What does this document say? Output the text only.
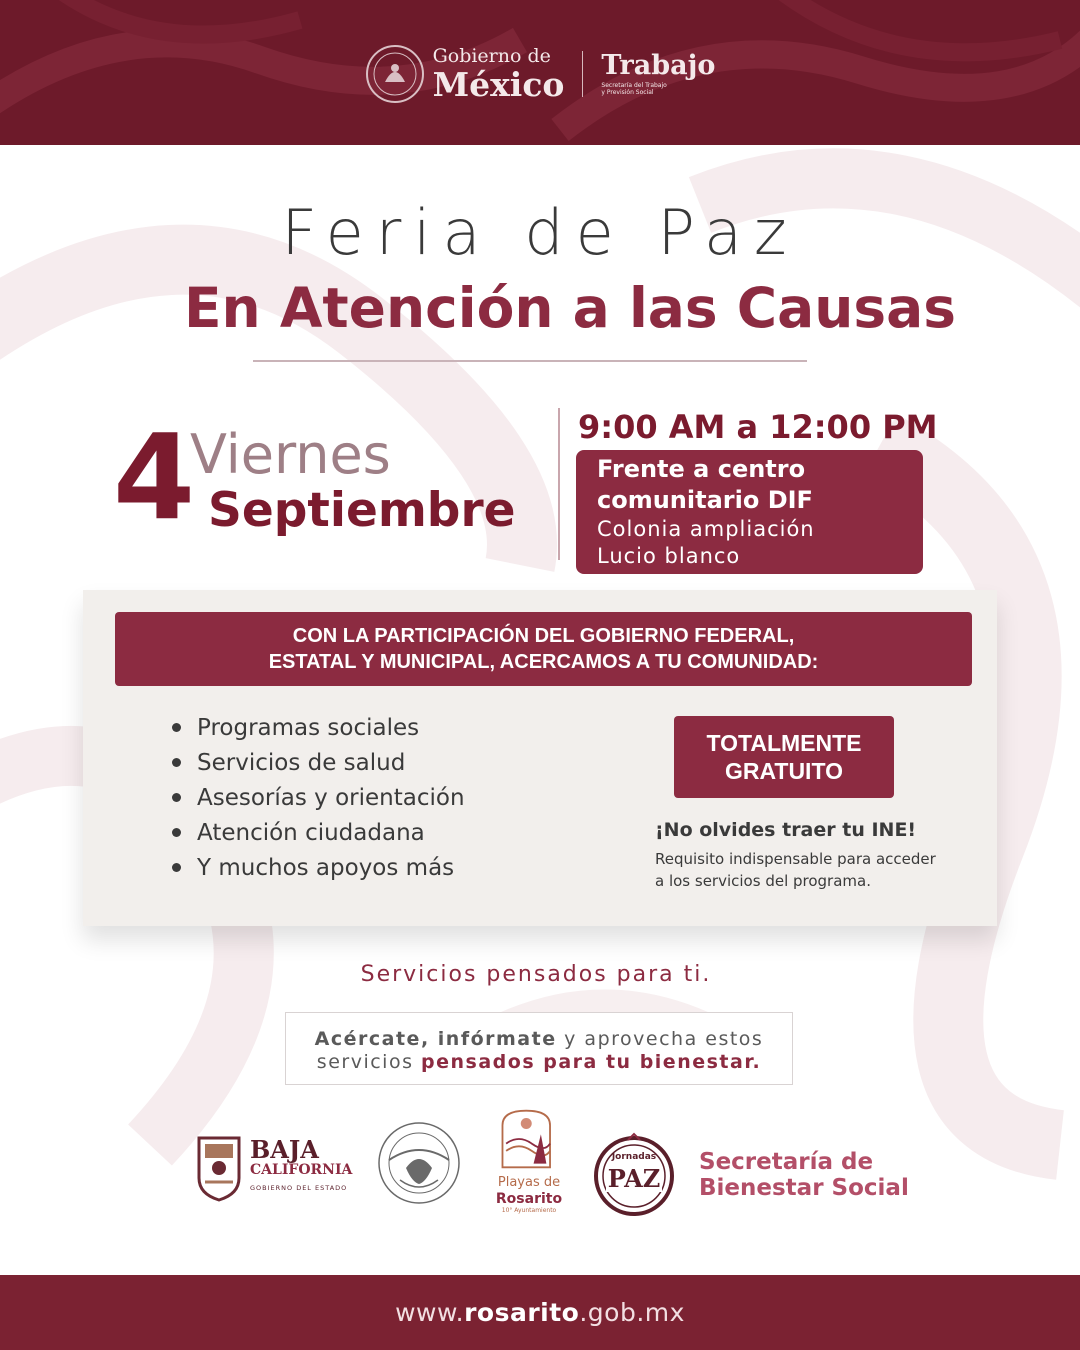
Gobierno de
México Trabajo
Secretaría del Trabajo
y Previsión Social
Feria de Paz
En Atención a las Causas
4
Viernes
Septiembre
9:00 AM a 12:00 PM
Frente a centro
comunitario DIF
Colonia ampliación
Lucio blanco
CON LA PARTICIPACIÓN DEL GOBIERNO FEDERAL,
ESTATAL Y MUNICIPAL, ACERCAMOS A TU COMUNIDAD:
Programas sociales
Servicios de salud
Asesorías y orientación
Atención ciudadana
Y muchos apoyos más
TOTALMENTE
GRATUITO
¡No olvides traer tu INE!
Requisito indispensable para acceder
a los servicios del programa.
Servicios pensados para ti.
Acércate, infórmate y aprovecha estos
servicios pensados para tu bienestar.
BAJA
CALIFORNIA
GOBIERNO DEL ESTADO	Playas de
Rosarito
10° Ayuntamiento
Jornadas
PAZ
Secretaría de
Bienestar Social
www.rosarito.gob.mx
